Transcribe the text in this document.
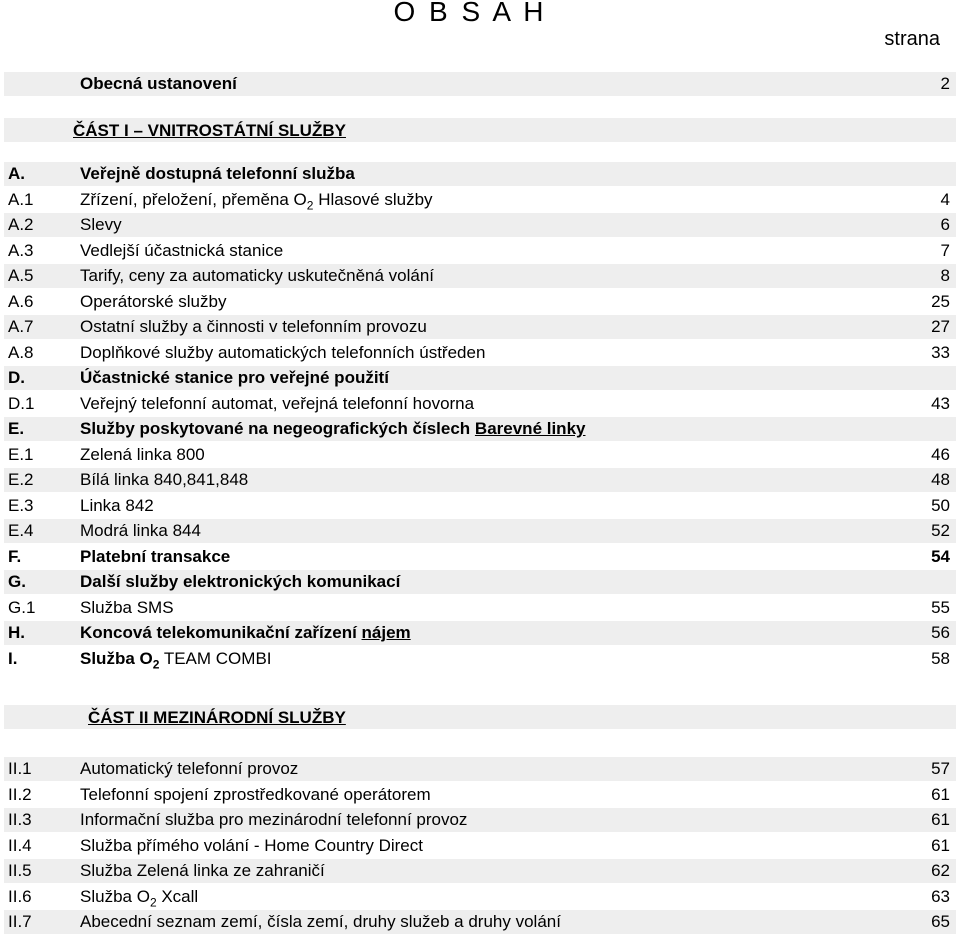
O B S A H
strana
Obecná ustanovení	2
ČÁST I – VNITROSTÁTNÍ SLUŽBY
A.	Veřejně dostupná telefonní služba
A.1	Zřízení, přeložení, přeměna $O_2$ Hlasové služby	4
A.2	Slevy	6
A.3	Vedlejší účastnická stanice	7
A.5	Tarify, ceny za automaticky uskutečněná volání	8
A.6	Operátorské služby	25
A.7	Ostatní služby a činnosti v telefonním provozu	27
A.8	Doplňkové služby automatických telefonních ústředen	33
D.	Účastnické stanice pro veřejné použití
D.1	Veřejný telefonní automat, veřejná telefonní hovorna	43
E.	Služby poskytované na negeografických číslech Barevné linky
E.1	Zelená linka 800	46
E.2	Bílá linka 840,841,848	48
E.3	Linka 842	50
E.4	Modrá linka 844	52
F.	Platební transakce	54
G.	Další služby elektronických komunikací
G.1	Služba SMS	55
H.	Koncová telekomunikační zařízení nájem	56
I.	Služba $O_2$ TEAM COMBI	58
ČÁST II MEZINÁRODNÍ SLUŽBY
II.1	Automatický telefonní provoz	57
II.2	Telefonní spojení zprostředkované operátorem	61
II.3	Informační služba pro mezinárodní telefonní provoz	61
II.4	Služba přímého volání - Home Country Direct	61
II.5	Služba Zelená linka ze zahraničí	62
II.6	Služba $O_2$ Xcall	63
II.7	Abecední seznam zemí, čísla zemí, druhy služeb a druhy volání	65
